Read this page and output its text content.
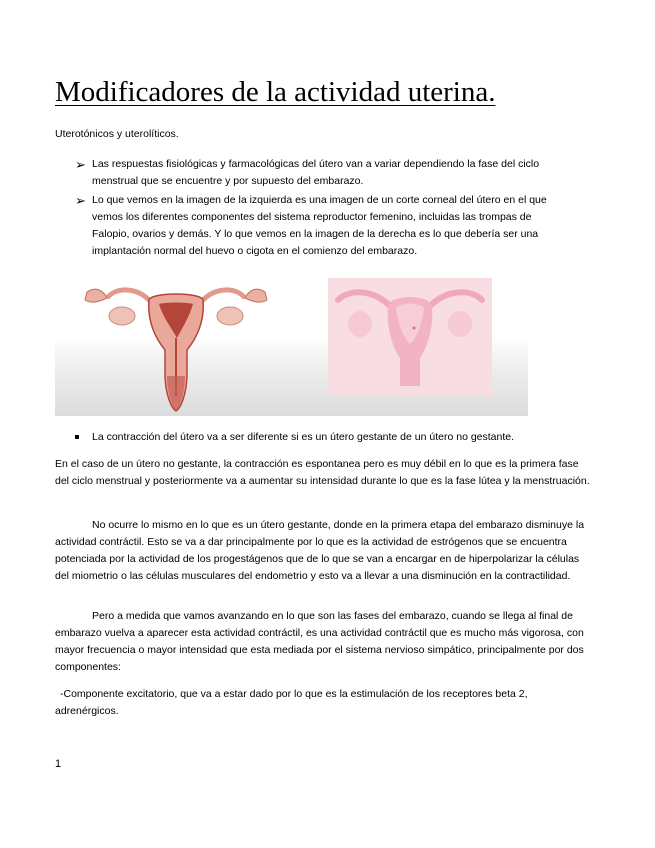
Modificadores de la actividad uterina.
Uterotónicos y uterolíticos.
➢ Las respuestas fisiológicas y farmacológicas del útero van a variar dependiendo la fase del ciclo menstrual que se encuentre y por supuesto del embarazo.
➢ Lo que vemos en la imagen de la izquierda es una imagen de un corte corneal del útero en el que vemos los diferentes componentes del sistema reproductor femenino, incluidas las trompas de Falopio, ovarios y demás. Y lo que vemos en la imagen de la derecha es lo que debería ser una implantación normal del huevo o cigota en el comienzo del embarazo.
La contracción del útero va a ser diferente si es un útero gestante de un útero no gestante.
En el caso de un útero no gestante, la contracción es espontanea pero es muy débil en lo que es la primera fase del ciclo menstrual y posteriormente va a aumentar su intensidad durante lo que es la fase lútea y la menstruación.
No ocurre lo mismo en lo que es un útero gestante, donde en la primera etapa del embarazo disminuye la actividad contráctil. Esto se va a dar principalmente por lo que es la actividad de estrógenos que se encuentra potenciada por la actividad de los progestágenos que de lo que se van a encargar en de hiperpolarizar la células del miometrio o las células musculares del endometrio y esto va a llevar a una disminución en la contractilidad.
Pero a medida que vamos avanzando en lo que son las fases del embarazo, cuando se llega al final de embarazo vuelva a aparecer esta actividad contráctil, es una actividad contráctil que es mucho más vigorosa, con mayor frecuencia o mayor intensidad que esta mediada por el sistema nervioso simpático, principalmente por dos componentes:
-Componente excitatorio, que va a estar dado por lo que es la estimulación de los receptores beta 2, adrenérgicos.
1
